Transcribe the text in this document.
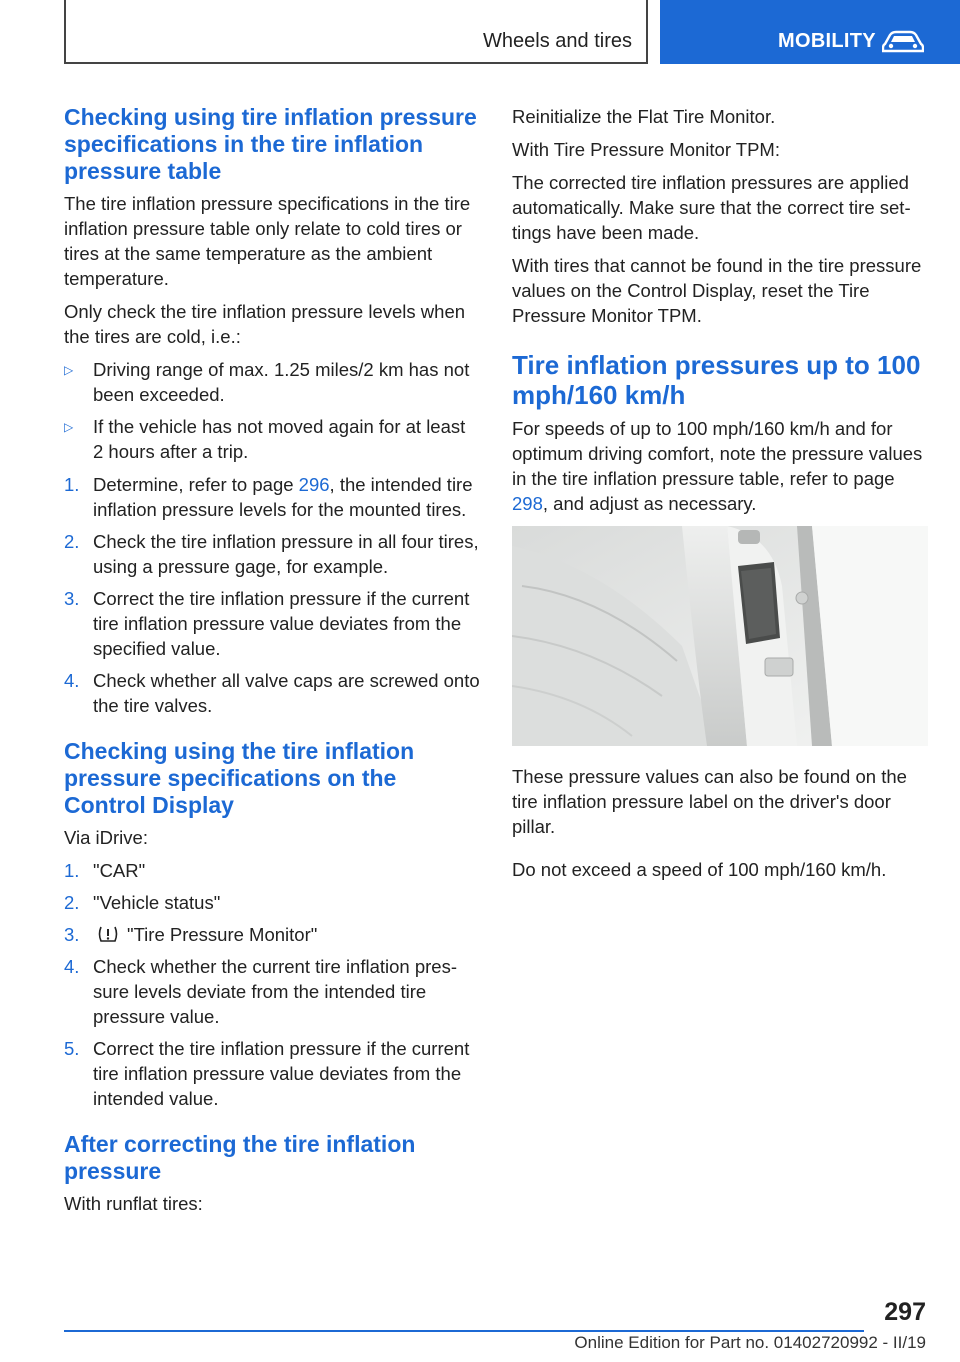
Wheels and tires	MOBILITY
Checking using tire inflation pressure specifications in the tire inflation pressure table

The tire inflation pressure specifications in the tire inflation pressure table only relate to cold tires or tires at the same temperature as the ambient temperature.

Only check the tire inflation pressure levels when the tires are cold, i.e.:

▷ Driving range of max. 1.25 miles/2 km has not been exceeded.
▷ If the vehicle has not moved again for at least 2 hours after a trip.
1. Determine, refer to page 296, the intended tire inflation pressure levels for the mounted tires.
2. Check the tire inflation pressure in all four tires, using a pressure gage, for example.
3. Correct the tire inflation pressure if the current tire inflation pressure value deviates from the specified value.
4. Check whether all valve caps are screwed onto the tire valves.
Checking using the tire inflation pressure specifications on the Control Display

Via iDrive:

1. "CAR"
2. "Vehicle status"
3.	"Tire Pressure Monitor"
4. Check whether the current tire inflation pressure levels deviate from the intended tire pressure value.
5. Correct the tire inflation pressure if the current tire inflation pressure value deviates from the intended value.
After correcting the tire inflation pressure

With runflat tires:

Reinitialize the Flat Tire Monitor.

With Tire Pressure Monitor TPM:

The corrected tire inflation pressures are applied automatically. Make sure that the correct tire settings have been made.

With tires that cannot be found in the tire pressure values on the Control Display, reset the Tire Pressure Monitor TPM.

Tire inflation pressures up to 100 mph/160 km/h

For speeds of up to 100 mph/160 km/h and for optimum driving comfort, note the pressure values in the tire inflation pressure table, refer to page 298, and adjust as necessary.

These pressure values can also be found on the tire inflation pressure label on the driver's door pillar.

Do not exceed a speed of 100 mph/160 km/h.

297
Online Edition for Part no. 01402720992 - II/19
